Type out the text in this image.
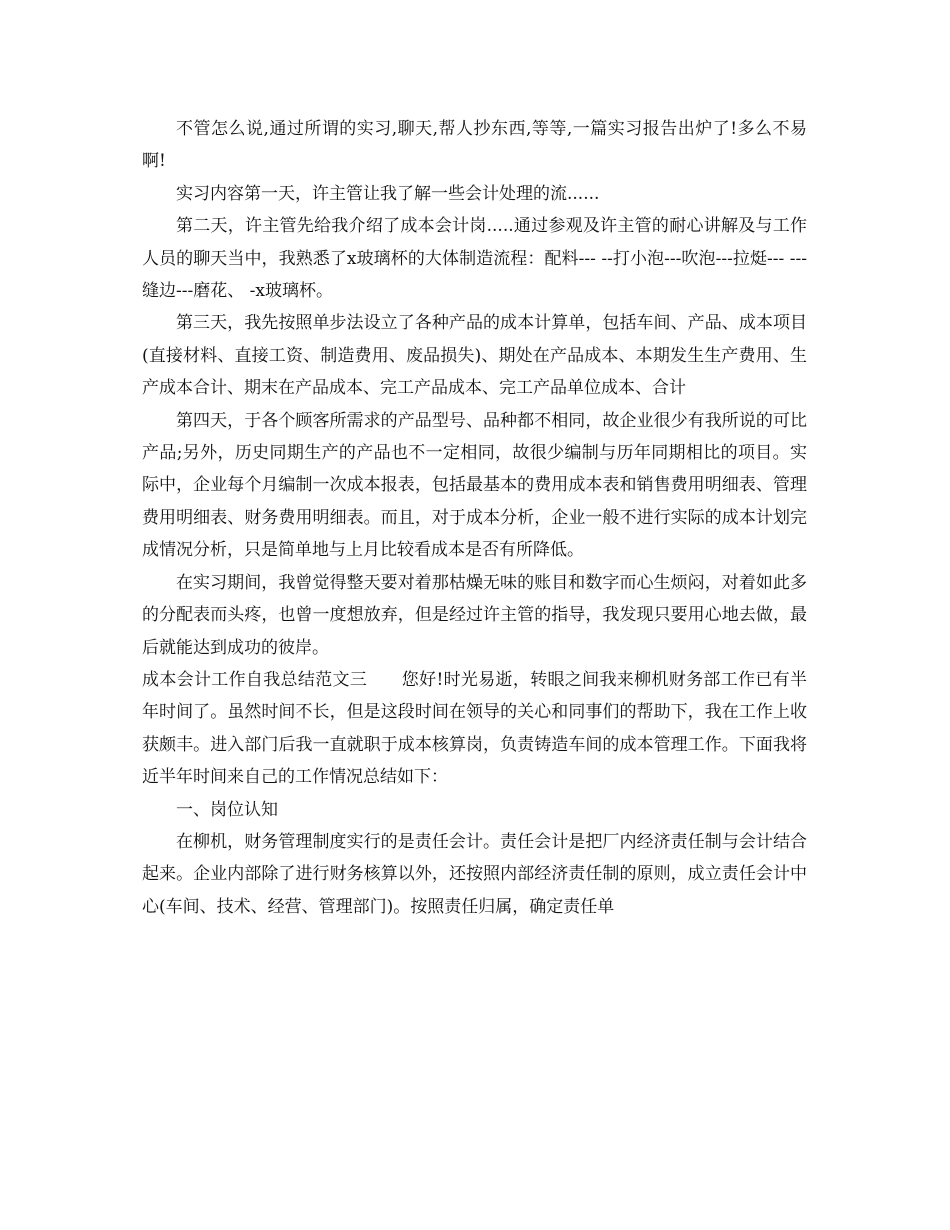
不管怎么说,通过所谓的实习,聊天,帮人抄东西,等等,一篇实习报告出炉了!多么不易啊!

实习内容第一天，许主管让我了解一些会计处理的流......

第二天，许主管先给我介绍了成本会计岗.....通过参观及许主管的耐心讲解及与工作人员的聊天当中，我熟悉了x玻璃杯的大体制造流程：配料--- --打小泡---吹泡---拉烶--- ---缝边---磨花、 -x玻璃杯。

第三天，我先按照单步法设立了各种产品的成本计算单，包括车间、产品、成本项目(直接材料、直接工资、制造费用、废品损失)、期处在产品成本、本期发生生产费用、生产成本合计、期末在产品成本、完工产品成本、完工产品单位成本、合计

第四天，于各个顾客所需求的产品型号、品种都不相同，故企业很少有我所说的可比产品;另外，历史同期生产的产品也不一定相同，故很少编制与历年同期相比的项目。实际中，企业每个月编制一次成本报表，包括最基本的费用成本表和销售费用明细表、管理费用明细表、财务费用明细表。而且，对于成本分析，企业一般不进行实际的成本计划完成情况分析，只是简单地与上月比较看成本是否有所降低。

在实习期间，我曾觉得整天要对着那枯燥无味的账目和数字而心生烦闷，对着如此多的分配表而头疼，也曾一度想放弃，但是经过许主管的指导，我发现只要用心地去做，最后就能达到成功的彼岸。

成本会计工作自我总结范文三　　您好!时光易逝，转眼之间我来柳机财务部工作已有半年时间了。虽然时间不长，但是这段时间在领导的关心和同事们的帮助下，我在工作上收获颇丰。进入部门后我一直就职于成本核算岗，负责铸造车间的成本管理工作。下面我将近半年时间来自己的工作情况总结如下：

一、岗位认知

在柳机，财务管理制度实行的是责任会计。责任会计是把厂内经济责任制与会计结合起来。企业内部除了进行财务核算以外，还按照内部经济责任制的原则，成立责任会计中心(车间、技术、经营、管理部门)。按照责任归属，确定责任单
